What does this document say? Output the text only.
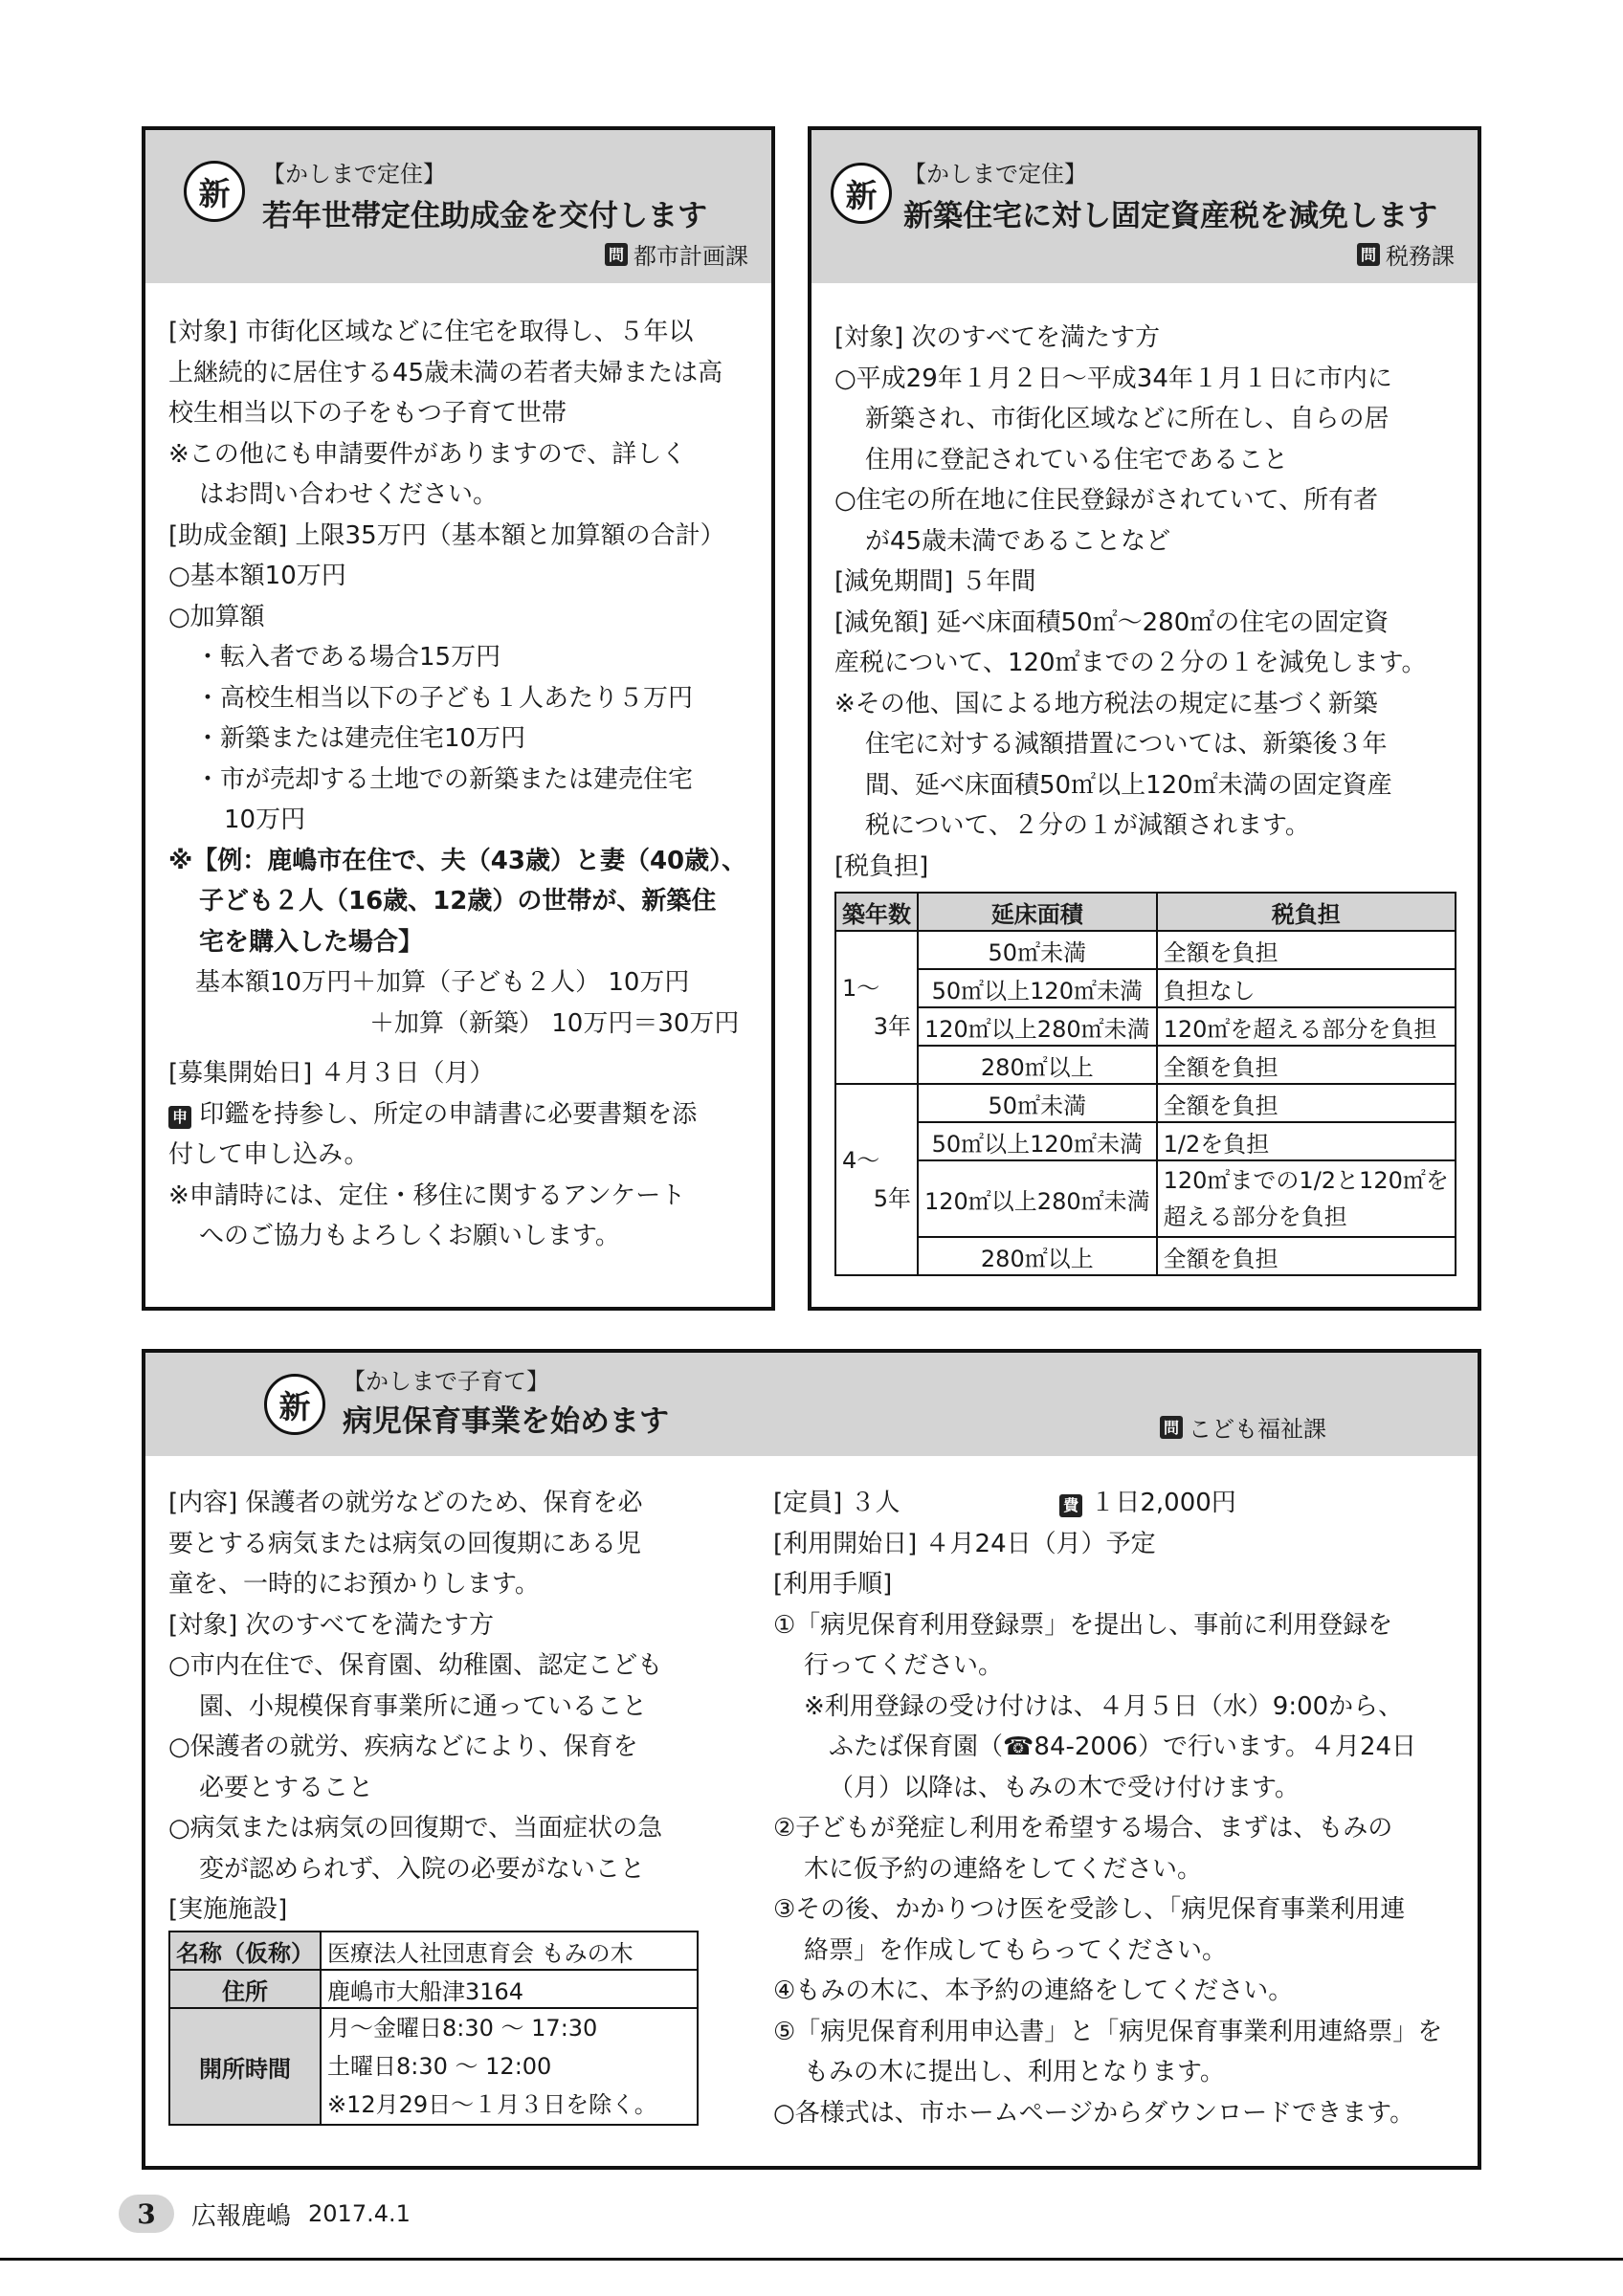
新
【かしまで定住】
若年世帯定住助成金を交付します
問 都市計画課

[対象] 市街化区域などに住宅を取得し、５年以

上継続的に居住する45歳未満の若者夫婦または高

校生相当以下の子をもつ子育て世帯

※この他にも申請要件がありますので、詳しく

はお問い合わせください。

[助成金額] 上限35万円（基本額と加算額の合計）

○基本額10万円

○加算額

・転入者である場合15万円

・高校生相当以下の子ども１人あたり５万円

・新築または建売住宅10万円

・市が売却する土地での新築または建売住宅

10万円

※【例：鹿嶋市在住で、夫（43歳）と妻（40歳）、

子ども２人（16歳、12歳）の世帯が、新築住

宅を購入した場合】

基本額10万円＋加算（子ども２人） 10万円

＋加算（新築） 10万円＝30万円

[募集開始日] ４月３日（月）

申 印鑑を持参し、所定の申請書に必要書類を添

付して申し込み。

※申請時には、定住・移住に関するアンケート

へのご協力もよろしくお願いします。

新
【かしまで定住】
新築住宅に対し固定資産税を減免します
問 税務課

[対象] 次のすべてを満たす方

○平成29年１月２日～平成34年１月１日に市内に

新築され、市街化区域などに所在し、自らの居

住用に登記されている住宅であること

○住宅の所在地に住民登録がされていて、所有者

が45歳未満であることなど

[減免期間] ５年間

[減免額] 延べ床面積50㎡～280㎡の住宅の固定資

産税について、120㎡までの２分の１を減免します。

※その他、国による地方税法の規定に基づく新築

住宅に対する減額措置については、新築後３年

間、延べ床面積50㎡以上120㎡未満の固定資産

税について、２分の１が減額されます。

[税負担]

築年数	延床面積	税負担

1～
3年	50㎡未満	全額を負担
	50㎡以上120㎡未満	負担なし
	120㎡以上280㎡未満	120㎡を超える部分を負担
	280㎡以上	全額を負担

4～
5年	50㎡未満	全額を負担
	50㎡以上120㎡未満	1/2を負担
	120㎡以上280㎡未満	120㎡までの1/2と120㎡を
超える部分を負担

	280㎡以上	全額を負担
新
【かしまで子育て】
病児保育事業を始めます	問 こども福祉課

[内容] 保護者の就労などのため、保育を必

要とする病気または病気の回復期にある児

童を、一時的にお預かりします。

[対象] 次のすべてを満たす方

○市内在住で、保育園、幼稚園、認定こども

園、小規模保育事業所に通っていること

○保護者の就労、疾病などにより、保育を

必要とすること

○病気または病気の回復期で、当面症状の急

変が認められず、入院の必要がないこと

[実施施設]

名称（仮称）	医療法人社団恵育会 もみの木
住所	鹿嶋市大船津3164
開所時間	月～金曜日8:30 ～ 17:30
土曜日8:30 ～ 12:00
※12月29日～１月３日を除く。

[定員] ３人	費 １日2,000円

[利用開始日] ４月24日（月）予定

[利用手順]

①「病児保育利用登録票」を提出し、事前に利用登録を

行ってください。

※利用登録の受け付けは、４月５日（水）9:00から、

ふたば保育園（☎84-2006）で行います。４月24日

（月）以降は、もみの木で受け付けます。

②子どもが発症し利用を希望する場合、まずは、もみの

木に仮予約の連絡をしてください。

③その後、かかりつけ医を受診し、「病児保育事業利用連

絡票」を作成してもらってください。

④もみの木に、本予約の連絡をしてください。

⑤「病児保育利用申込書」と「病児保育事業利用連絡票」を

もみの木に提出し、利用となります。

○各様式は、市ホームページからダウンロードできます。

3	広報鹿嶋 2017.4.1
